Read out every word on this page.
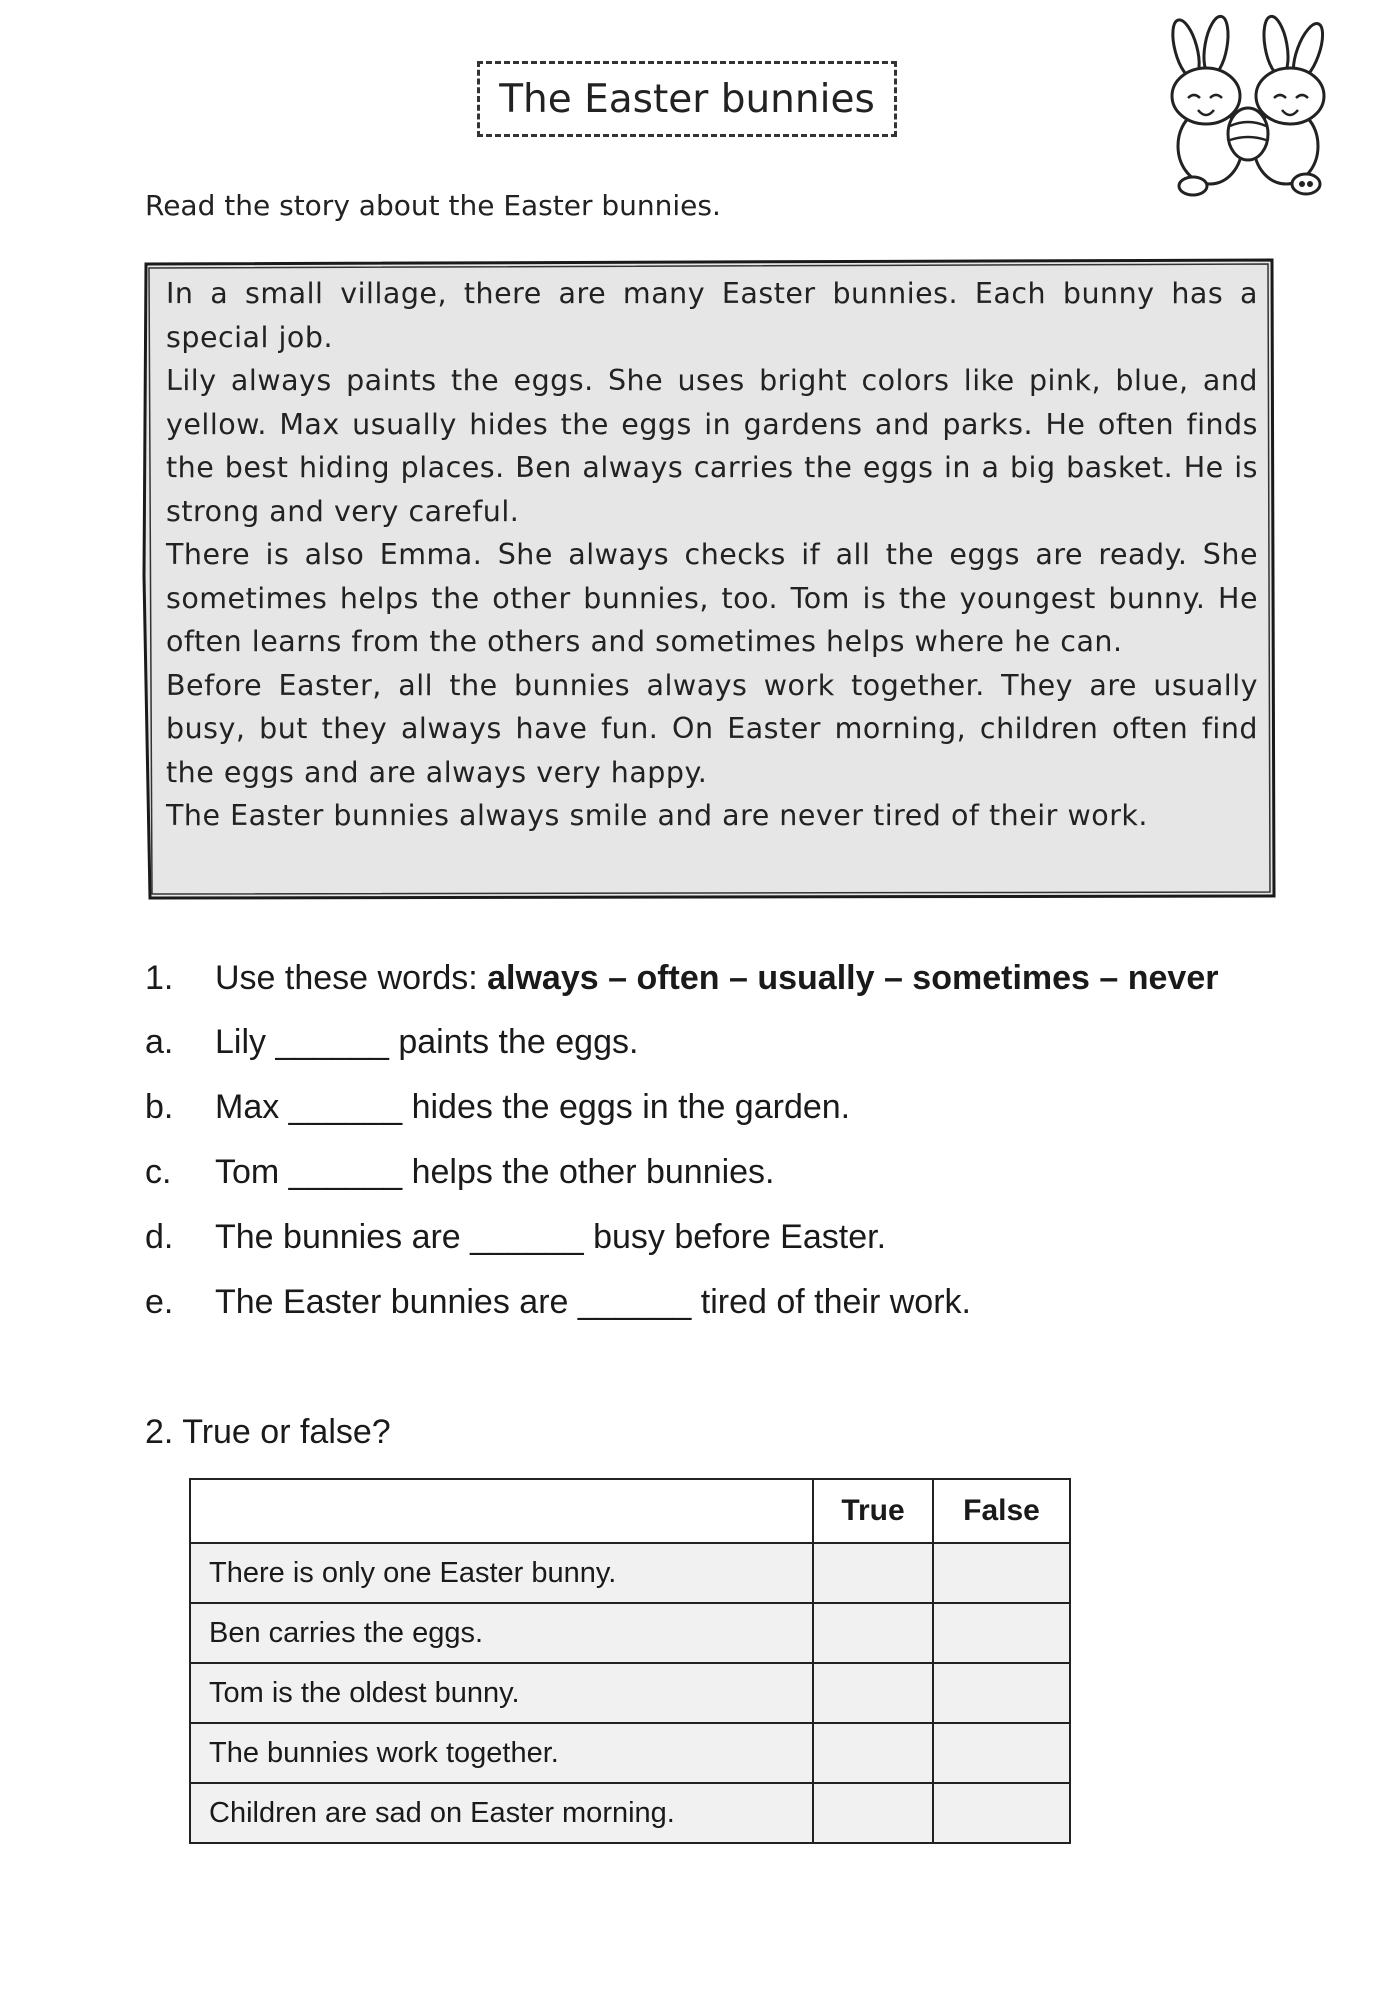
The Easter bunnies
Read the story about the Easter bunnies.

In a small village, there are many Easter bunnies. Each bunny has a special job.

Lily always paints the eggs. She uses bright colors like pink, blue, and yellow. Max usually hides the eggs in gardens and parks. He often finds the best hiding places. Ben always carries the eggs in a big basket. He is strong and very careful.

There is also Emma. She always checks if all the eggs are ready. She sometimes helps the other bunnies, too. Tom is the youngest bunny. He often learns from the others and sometimes helps where he can.

Before Easter, all the bunnies always work together. They are usually busy, but they always have fun. On Easter morning, children often find the eggs and are always very happy.

The Easter bunnies always smile and are never tired of their work.

1.	Use these words: always – often – usually – sometimes – never
a.	Lily ______ paints the eggs.
b.	Max ______ hides the eggs in the garden.
c.	Tom ______ helps the other bunnies.
d.	The bunnies are ______ busy before Easter.
e.	The Easter bunnies are ______ tired of their work.
2. True or false?
	True	False
There is only one Easter bunny.		
Ben carries the eggs.		
Tom is the oldest bunny.		
The bunnies work together.		
Children are sad on Easter morning.		
